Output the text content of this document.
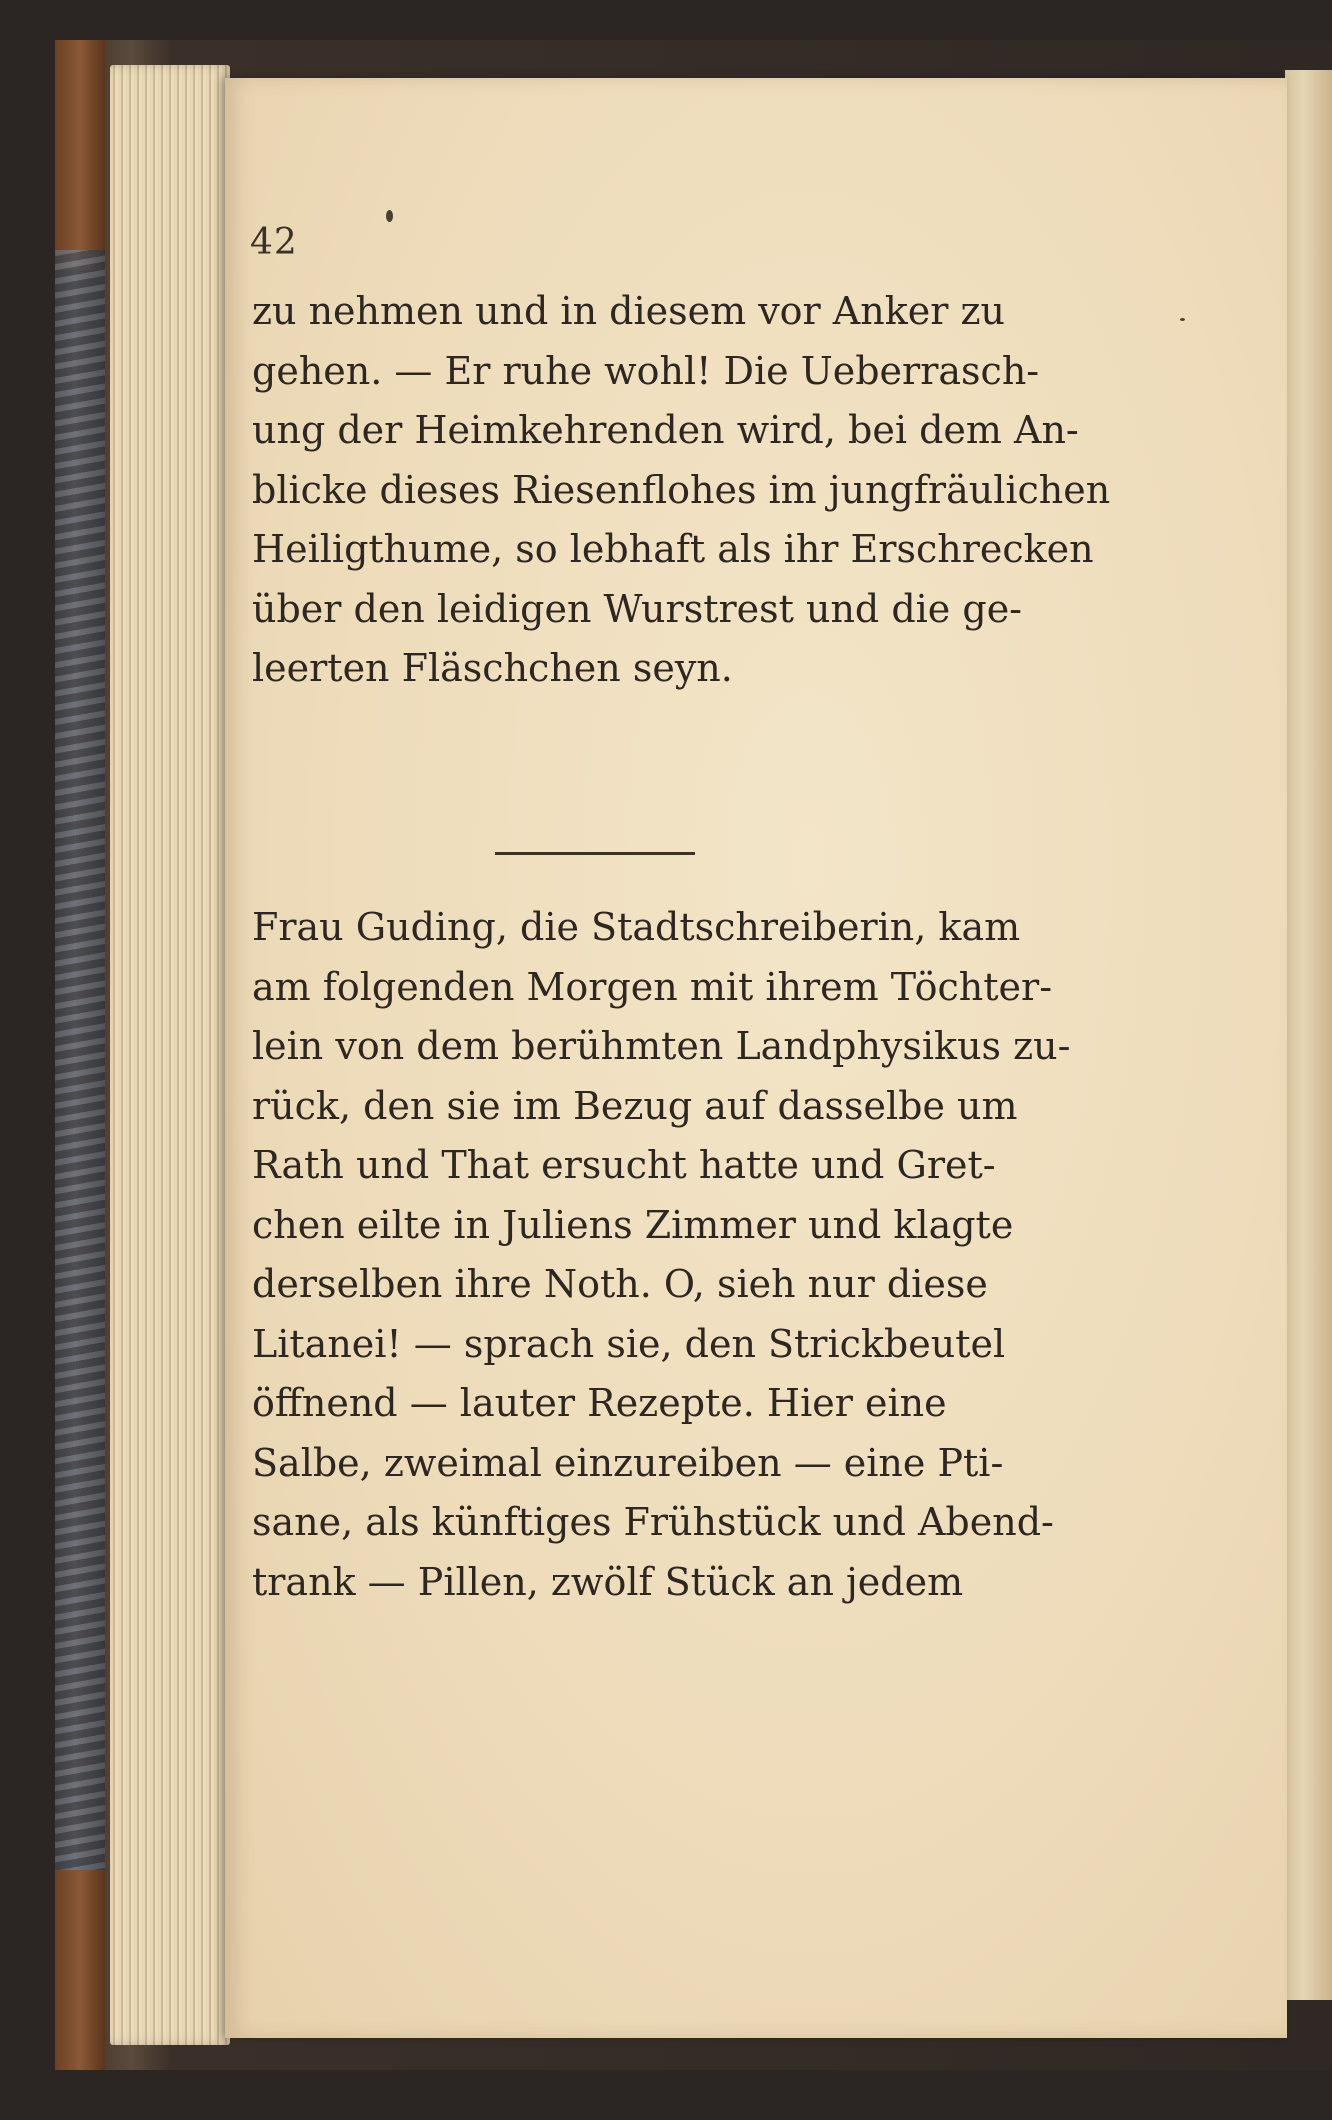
42
zu nehmen und in diesem vor Anker zu
gehen. — Er ruhe wohl! Die Ueberrasch-
ung der Heimkehrenden wird, bei dem An-
blicke dieses Riesenflohes im jungfräulichen
Heiligthume, so lebhaft als ihr Erschrecken
über den leidigen Wurstrest und die ge-
leerten Fläschchen seyn.
Frau Guding, die Stadtschreiberin, kam
am folgenden Morgen mit ihrem Töchter-
lein von dem berühmten Landphysikus zu-
rück, den sie im Bezug auf dasselbe um
Rath und That ersucht hatte und Gret-
chen eilte in Juliens Zimmer und klagte
derselben ihre Noth. O, sieh nur diese
Litanei! — sprach sie, den Strickbeutel
öffnend — lauter Rezepte. Hier eine
Salbe, zweimal einzureiben — eine Pti-
sane, als künftiges Frühstück und Abend-
trank — Pillen, zwölf Stück an jedem
